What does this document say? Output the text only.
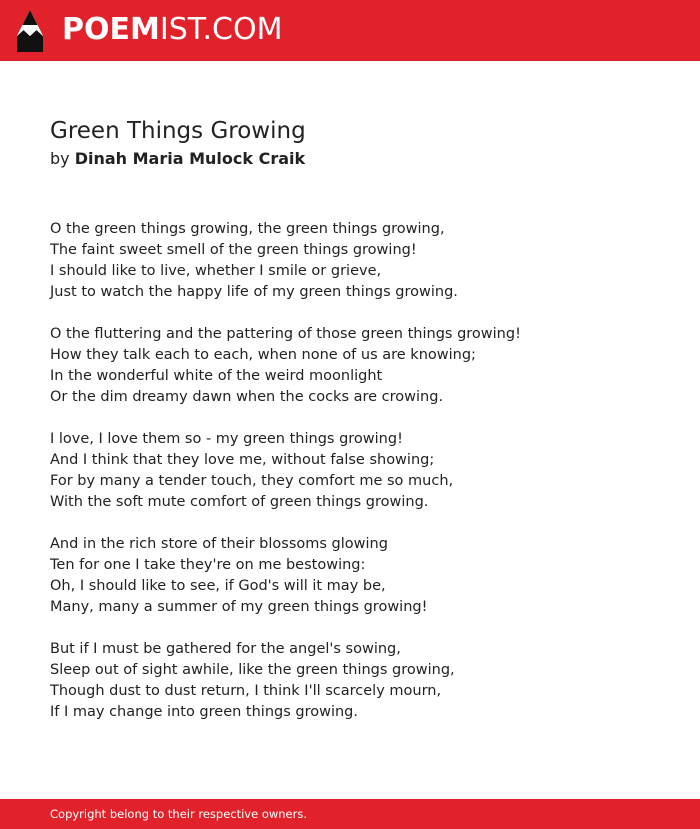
POEMIST.COM
Green Things Growing
by Dinah Maria Mulock Craik
O the green things growing, the green things growing,
The faint sweet smell of the green things growing!
I should like to live, whether I smile or grieve,
Just to watch the happy life of my green things growing.
O the fluttering and the pattering of those green things growing!
How they talk each to each, when none of us are knowing;
In the wonderful white of the weird moonlight
Or the dim dreamy dawn when the cocks are crowing.
I love, I love them so - my green things growing!
And I think that they love me, without false showing;
For by many a tender touch, they comfort me so much,
With the soft mute comfort of green things growing.
And in the rich store of their blossoms glowing
Ten for one I take they're on me bestowing:
Oh, I should like to see, if God's will it may be,
Many, many a summer of my green things growing!
But if I must be gathered for the angel's sowing,
Sleep out of sight awhile, like the green things growing,
Though dust to dust return, I think I'll scarcely mourn,
If I may change into green things growing.
Copyright belong to their respective owners.
